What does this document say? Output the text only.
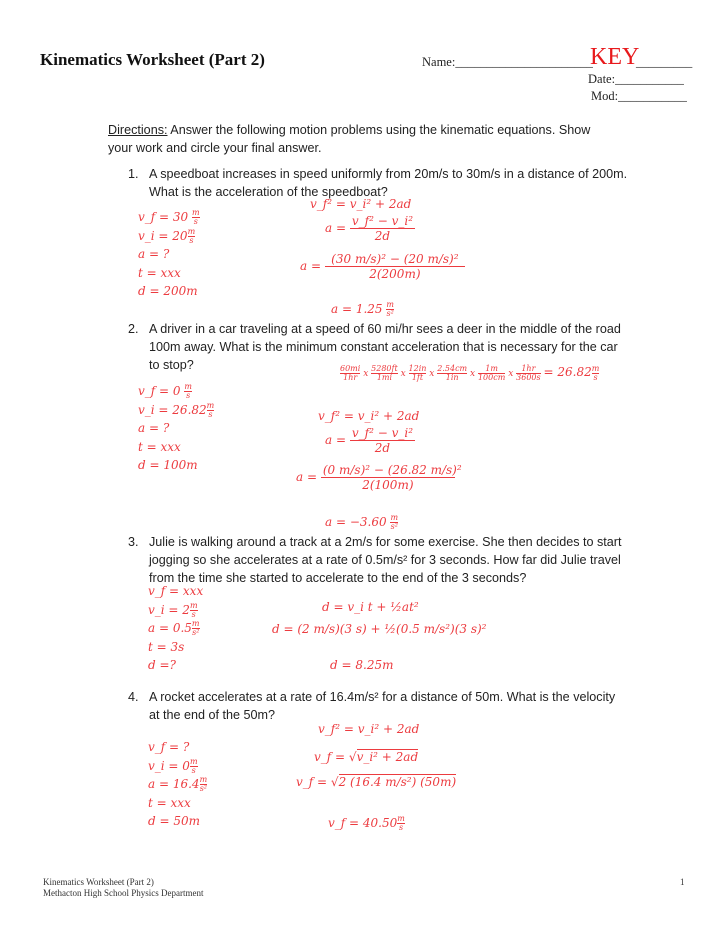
Kinematics Worksheet (Part 2)	Name:______________________
KEY
_________
Date:___________
Mod:___________
Directions: Answer the following motion problems using the kinematic equations. Show your work and circle your final answer.
1. A speedboat increases in speed uniformly from 20m/s to 30m/s in a distance of 200m. What is the acceleration of the speedboat?
v_f = $30 \frac{m}{s}$
v_i = $20 \frac{m}{s}$
a = ?
t = xxx
d = 200m
v_f² = v_i² + 2ad
$a = \frac{\text{v\_f² − v\_i²}}{2d}$
$a = \frac{\text{(30 m/s)² − (20 m/s)²}}{2(200m)}$
$a = 1.25 \frac{m}{\text{s²}}$
2. A driver in a car traveling at a speed of 60 mi/hr sees a deer in the middle of the road 100m away. What is the minimum constant acceleration that is necessary for the car to stop?	$\frac{60mi}{1hr}$ x $\frac{5280ft}{1mi}$ x $\frac{12in}{1ft}$ x $\frac{2.54cm}{1in}$ x $\frac{1m}{100cm}$ x $\frac{1hr}{3600s} = 26.82 \frac{m}{s}$
v_f = $0 \frac{m}{s}$
v_i = $26.82 \frac{m}{s}$
a = ?
t = xxx
d = 100m
v_f² = v_i² + 2ad
$a = \frac{\text{v\_f² − v\_i²}}{2d}$
$a = \frac{\text{(0 m/s)² − (26.82 m/s)²}}{2(100m)}$
$a = -3.60 \frac{m}{\text{s²}}$
3. Julie is walking around a track at a 2m/s for some exercise. She then decides to start jogging so she accelerates at a rate of 0.5m/s² for 3 seconds. How far did Julie travel from the time she started to accelerate to the end of the 3 seconds?
v_f = xxx
v_i = $2 \frac{m}{s}$
$a = 0.5 \frac{m}{\text{s²}}$
t = 3s
d =?
d = v_i t + ½at²
d = (2 m/s)(3 s) + ½(0.5 m/s²)(3 s)²
d = 8.25m
4. A rocket accelerates at a rate of 16.4m/s² for a distance of 50m. What is the velocity at the end of the 50m?
v_f = ?
v_i = $0 \frac{m}{s}$
$a = 16.4 \frac{m}{\text{s²}}$
t = xxx
d = 50m
v_f² = v_i² + 2ad
v_f = √v_i² + 2ad
v_f = √2 (16.4 m/s²) (50m)
v_f = $40.50 \frac{m}{s}$
Kinematics Worksheet (Part 2)
Methacton High School Physics Department
1
